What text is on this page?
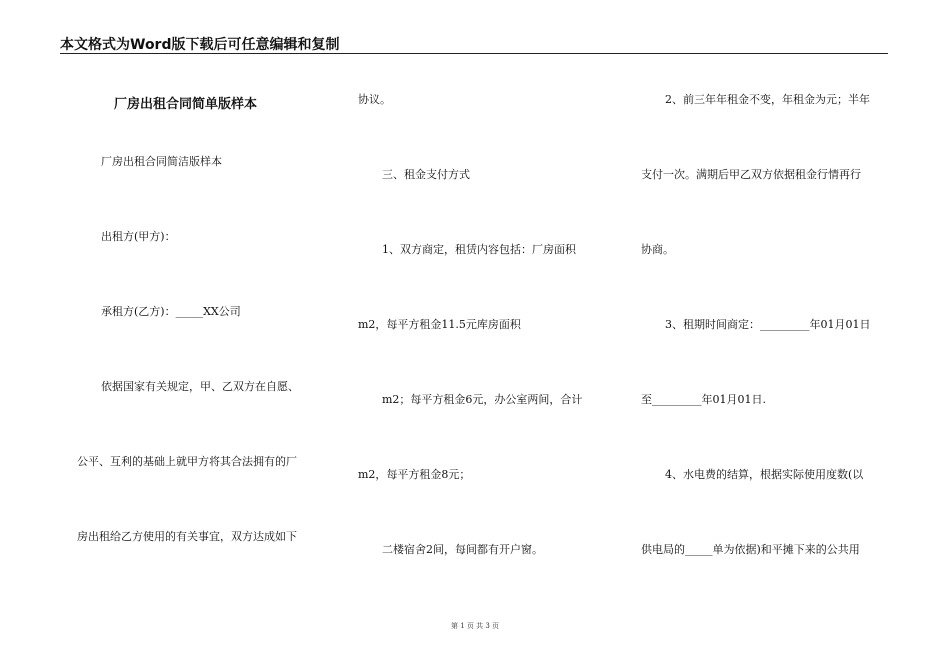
本文格式为Word版下载后可任意编辑和复制
厂房出租合同简单版样本
厂房出租合同简洁版样本
出租方(甲方)：
承租方(乙方)：_____XX公司
依据国家有关规定，甲、乙双方在自愿、
公平、互利的基础上就甲方将其合法拥有的厂
房出租给乙方使用的有关事宜，双方达成如下
协议。
三、租金支付方式
1、双方商定，租赁内容包括：厂房面积
m2，每平方租金11.5元库房面积
m2；每平方租金6元，办公室两间，合计
m2，每平方租金8元；
二楼宿舍2间，每间都有开户窗。
2、前三年年租金不变，年租金为元；半年
支付一次。满期后甲乙双方依据租金行情再行
协商。
3、租期时间商定：_________年01月01日
至_________年01月01日.
4、水电费的结算，根据实际使用度数(以
供电局的_____单为依据)和平摊下来的公共用
第 1 页 共 3 页
